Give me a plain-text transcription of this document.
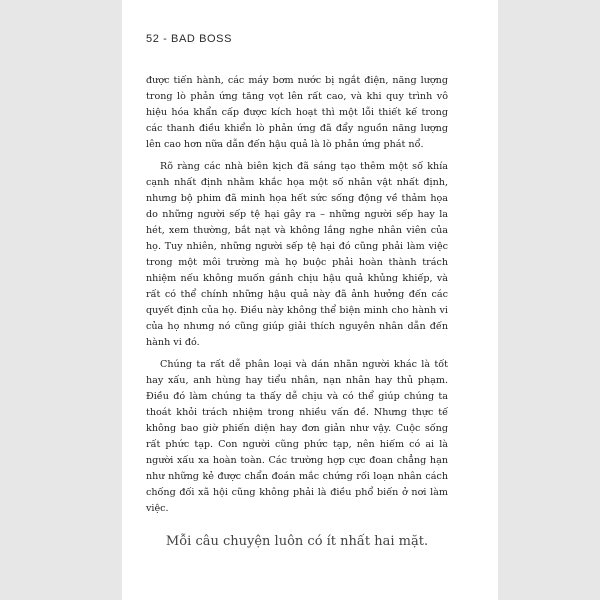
52 - BAD BOSS

được tiến hành, các máy bơm nước bị ngắt điện, năng lượng trong lò phản ứng tăng vọt lên rất cao, và khi quy trình vô hiệu hóa khẩn cấp được kích hoạt thì một lỗi thiết kế trong các thanh điều khiển lò phản ứng đã đẩy nguồn năng lượng lên cao hơn nữa dẫn đến hậu quả là lò phản ứng phát nổ.

Rõ ràng các nhà biên kịch đã sáng tạo thêm một số khía cạnh nhất định nhằm khắc họa một số nhân vật nhất định, nhưng bộ phim đã minh họa hết sức sống động về thảm họa do những người sếp tệ hại gây ra – những người sếp hay la hét, xem thường, bắt nạt và không lắng nghe nhân viên của họ. Tuy nhiên, những người sếp tệ hại đó cũng phải làm việc trong một môi trường mà họ buộc phải hoàn thành trách nhiệm nếu không muốn gánh chịu hậu quả khủng khiếp, và rất có thể chính những hậu quả này đã ảnh hưởng đến các quyết định của họ. Điều này không thể biện minh cho hành vi của họ nhưng nó cũng giúp giải thích nguyên nhân dẫn đến hành vi đó.

Chúng ta rất dễ phân loại và dán nhãn người khác là tốt hay xấu, anh hùng hay tiểu nhân, nạn nhân hay thủ phạm. Điều đó làm chúng ta thấy dễ chịu và có thể giúp chúng ta thoát khỏi trách nhiệm trong nhiều vấn đề. Nhưng thực tế không bao giờ phiến diện hay đơn giản như vậy. Cuộc sống rất phức tạp. Con người cũng phức tạp, nên hiếm có ai là người xấu xa hoàn toàn. Các trường hợp cực đoan chẳng hạn như những kẻ được chẩn đoán mắc chứng rối loạn nhân cách chống đối xã hội cũng không phải là điều phổ biến ở nơi làm việc.

Mỗi câu chuyện luôn có ít nhất hai mặt.
